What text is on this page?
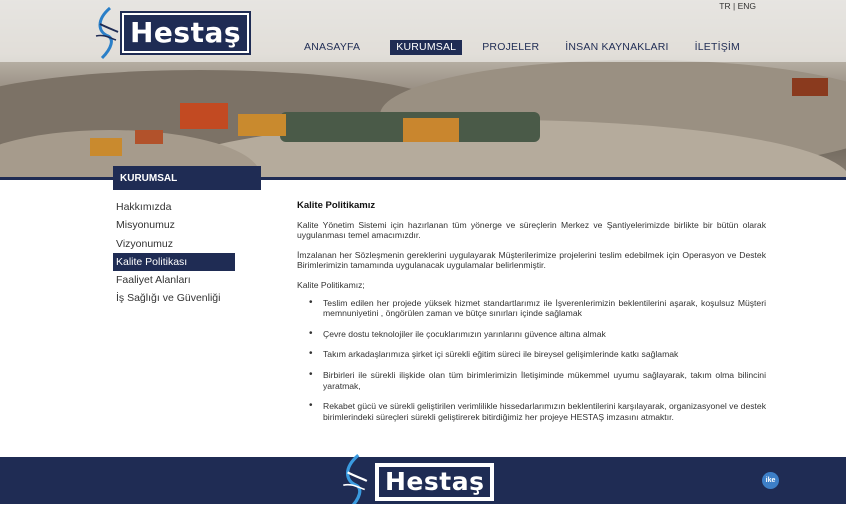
Hestaş
TR | ENG
ANASAYFA	KURUMSAL	PROJELER	İNSAN KAYNAKLARI	İLETİŞİM
KURUMSAL
Hakkımızda
Misyonumuz
Vizyonumuz
Kalite Politikası
Faaliyet Alanları
İş Sağlığı ve Güvenliği
Kalite Politikamız

Kalite Yönetim Sistemi için hazırlanan tüm yönerge ve süreçlerin Merkez ve Şantiyelerimizde birlikte bir bütün olarak uygulanması temel amacımızdır.

İmzalanan her Sözleşmenin gereklerini uygulayarak Müşterilerimize projelerini teslim edebilmek için Operasyon ve Destek Birimlerimizin tamamında uygulanacak uygulamalar belirlenmiştir.

Kalite Politikamız;

• Teslim edilen her projede yüksek hizmet standartlarımız ile İşverenlerimizin beklentilerini aşarak, koşulsuz Müşteri memnuniyetini , öngörülen zaman ve bütçe sınırları içinde sağlamak
• Çevre dostu teknolojiler ile çocuklarımızın yarınlarını güvence altına almak
• Takım arkadaşlarımıza şirket içi sürekli eğitim süreci ile bireysel gelişimlerinde katkı sağlamak
• Birbirleri ile sürekli ilişkide olan tüm birimlerimizin İletişiminde mükemmel uyumu sağlayarak, takım olma bilincini yaratmak,
• Rekabet gücü ve sürekli geliştirilen verimlilikle hissedarlarımızın beklentilerini karşılayarak, organizasyonel ve destek birimlerindeki süreçleri sürekli geliştirerek bitirdiğimiz her projeye HESTAŞ imzasını atmaktır.
Hestaş	ike
